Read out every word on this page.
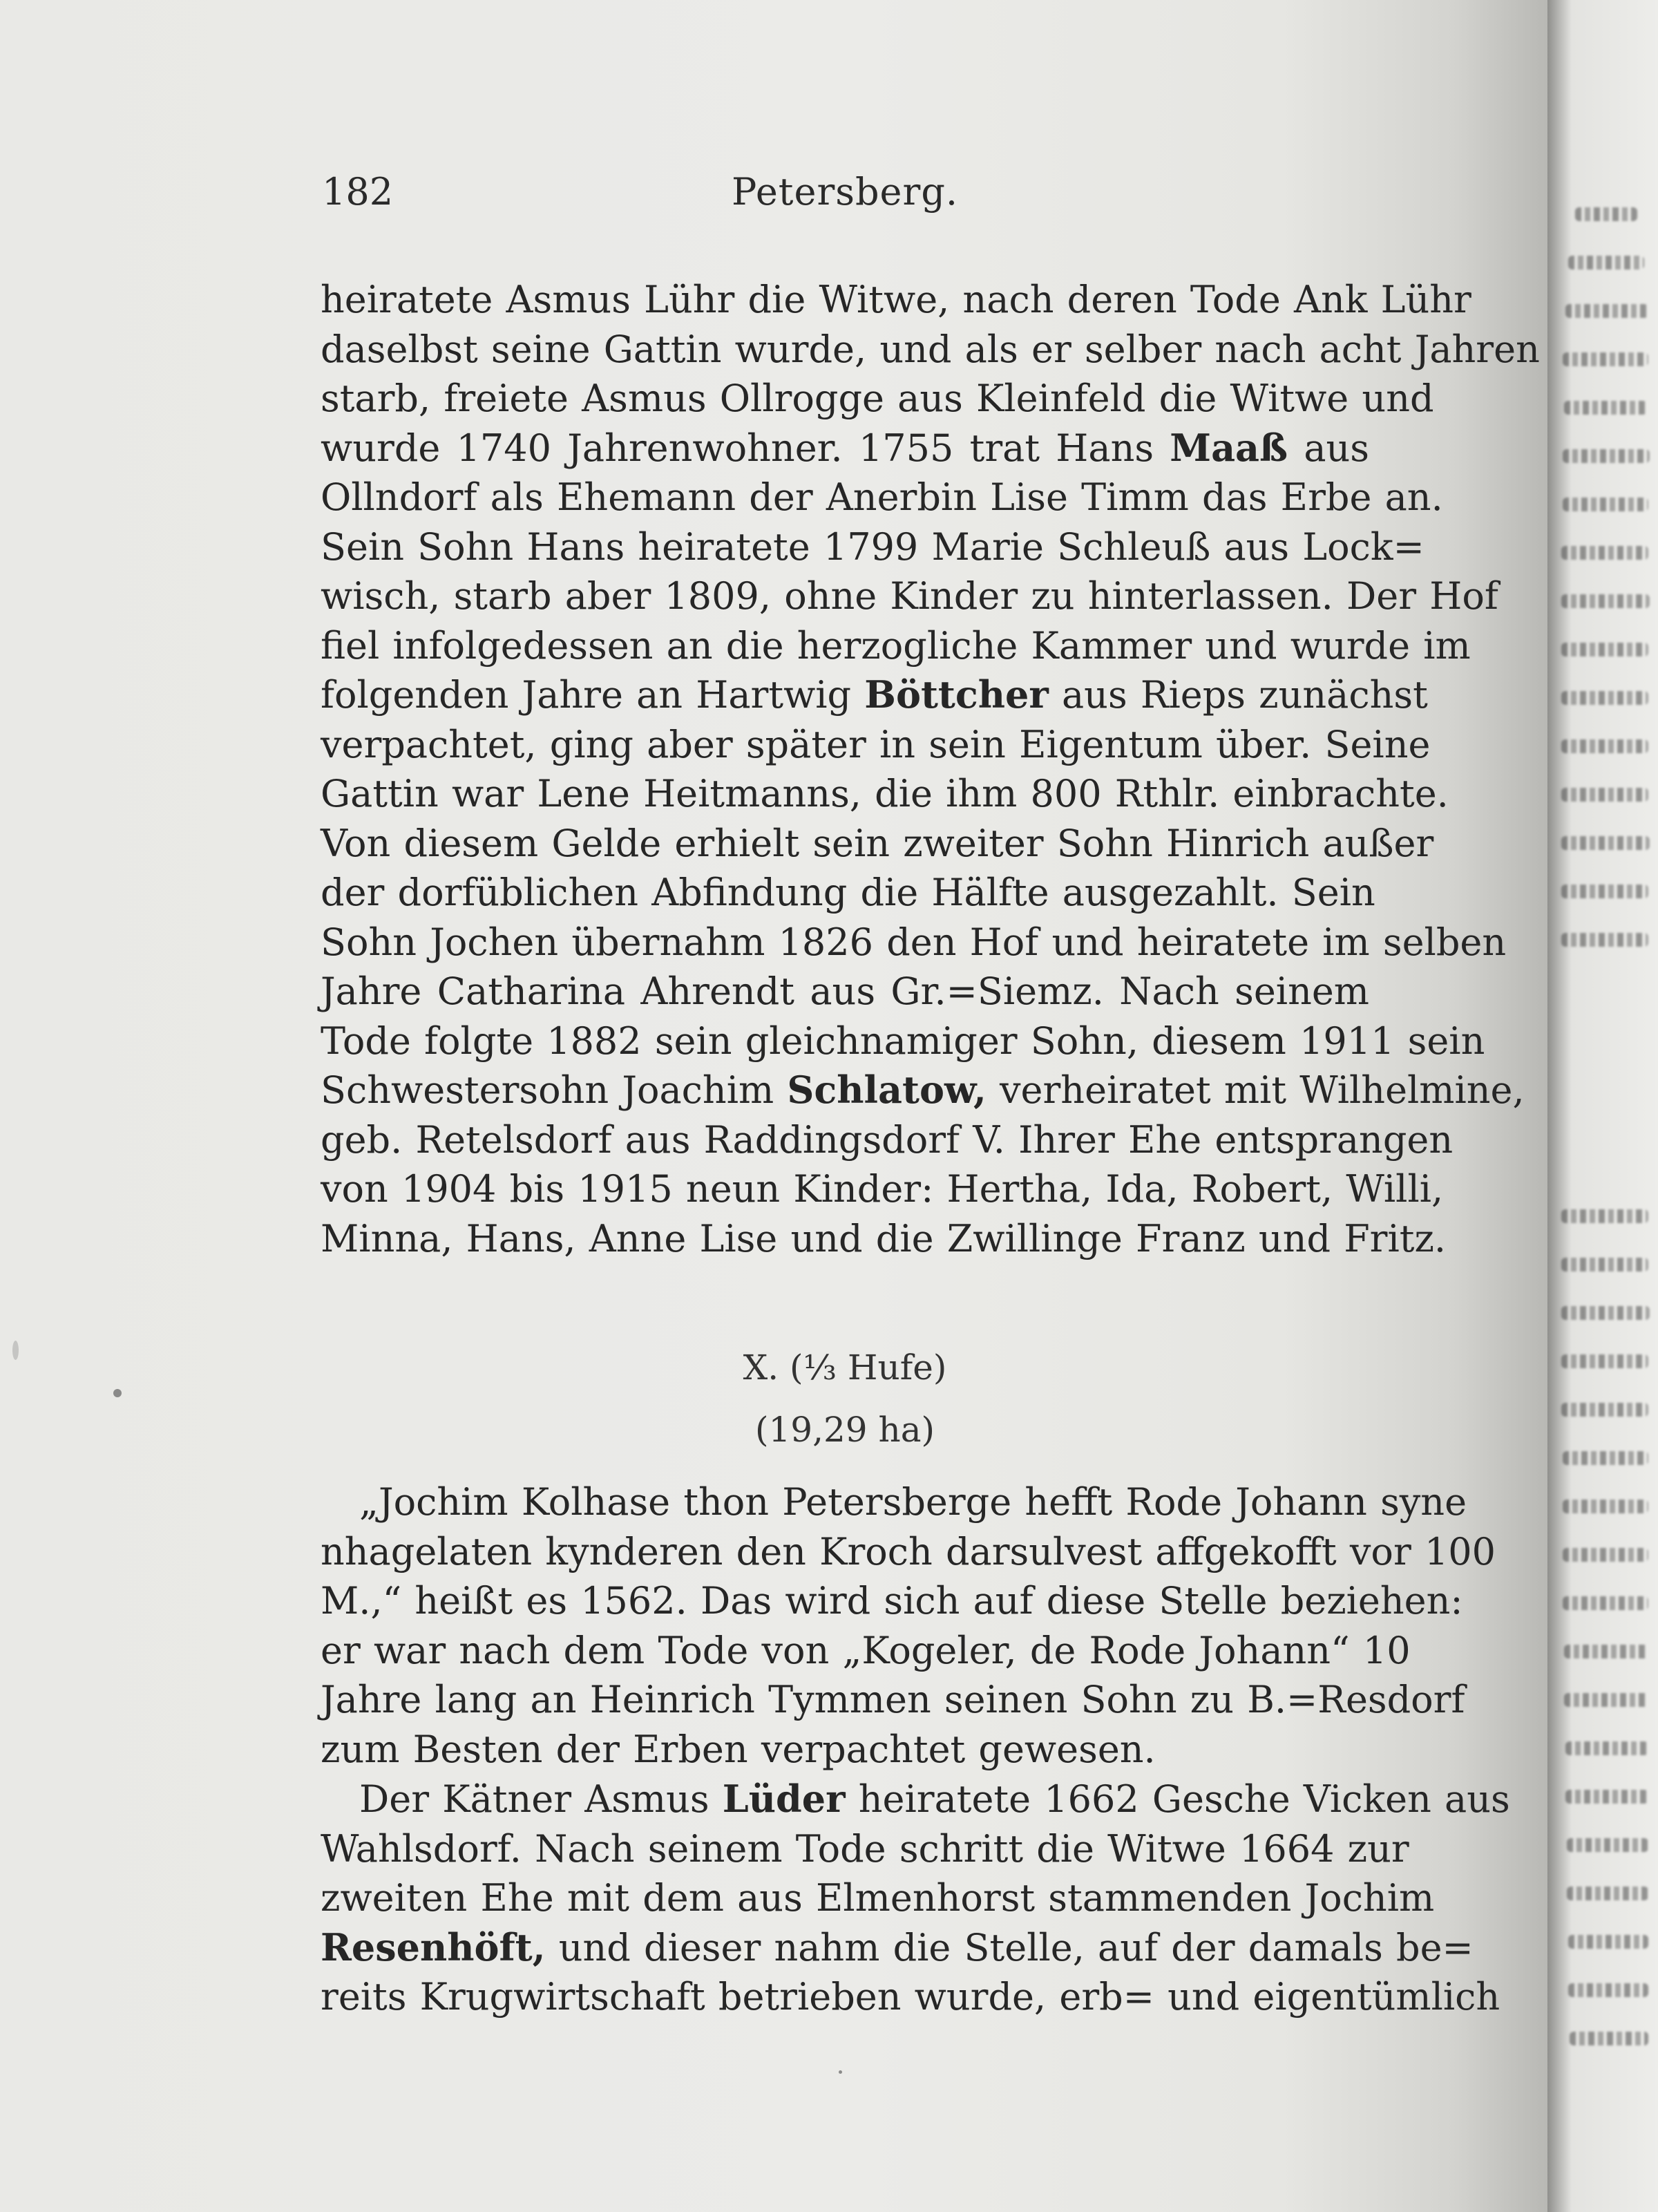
182	Petersberg.
heiratete Asmus Lühr die Witwe, nach deren Tode Ank Lühr
daselbst seine Gattin wurde, und als er selber nach acht Jahren
starb, freiete Asmus Ollrogge aus Kleinfeld die Witwe und
wurde 1740 Jahrenwohner. 1755 trat Hans Maaß aus
Ollndorf als Ehemann der Anerbin Lise Timm das Erbe an.
Sein Sohn Hans heiratete 1799 Marie Schleuß aus Lock=
wisch, starb aber 1809, ohne Kinder zu hinterlassen. Der Hof
fiel infolgedessen an die herzogliche Kammer und wurde im
folgenden Jahre an Hartwig Böttcher aus Rieps zunächst
verpachtet, ging aber später in sein Eigentum über. Seine
Gattin war Lene Heitmanns, die ihm 800 Rthlr. einbrachte.
Von diesem Gelde erhielt sein zweiter Sohn Hinrich außer
der dorfüblichen Abfindung die Hälfte ausgezahlt. Sein
Sohn Jochen übernahm 1826 den Hof und heiratete im selben
Jahre Catharina Ahrendt aus Gr.=Siemz. Nach seinem
Tode folgte 1882 sein gleichnamiger Sohn, diesem 1911 sein
Schwestersohn Joachim Schlatow, verheiratet mit Wilhelmine,
geb. Retelsdorf aus Raddingsdorf V. Ihrer Ehe entsprangen
von 1904 bis 1915 neun Kinder: Hertha, Ida, Robert, Willi,
Minna, Hans, Anne Lise und die Zwillinge Franz und Fritz.
X. (⅓ Hufe)
(19,29 ha)
„Jochim Kolhase thon Petersberge hefft Rode Johann syne
nhagelaten kynderen den Kroch darsulvest affgekofft vor 100
M.,“ heißt es 1562. Das wird sich auf diese Stelle beziehen:
er war nach dem Tode von „Kogeler, de Rode Johann“ 10
Jahre lang an Heinrich Tymmen seinen Sohn zu B.=Resdorf
zum Besten der Erben verpachtet gewesen.
Der Kätner Asmus Lüder heiratete 1662 Gesche Vicken aus
Wahlsdorf. Nach seinem Tode schritt die Witwe 1664 zur
zweiten Ehe mit dem aus Elmenhorst stammenden Jochim
Resenhöft, und dieser nahm die Stelle, auf der damals be=
reits Krugwirtschaft betrieben wurde, erb= und eigentümlich
